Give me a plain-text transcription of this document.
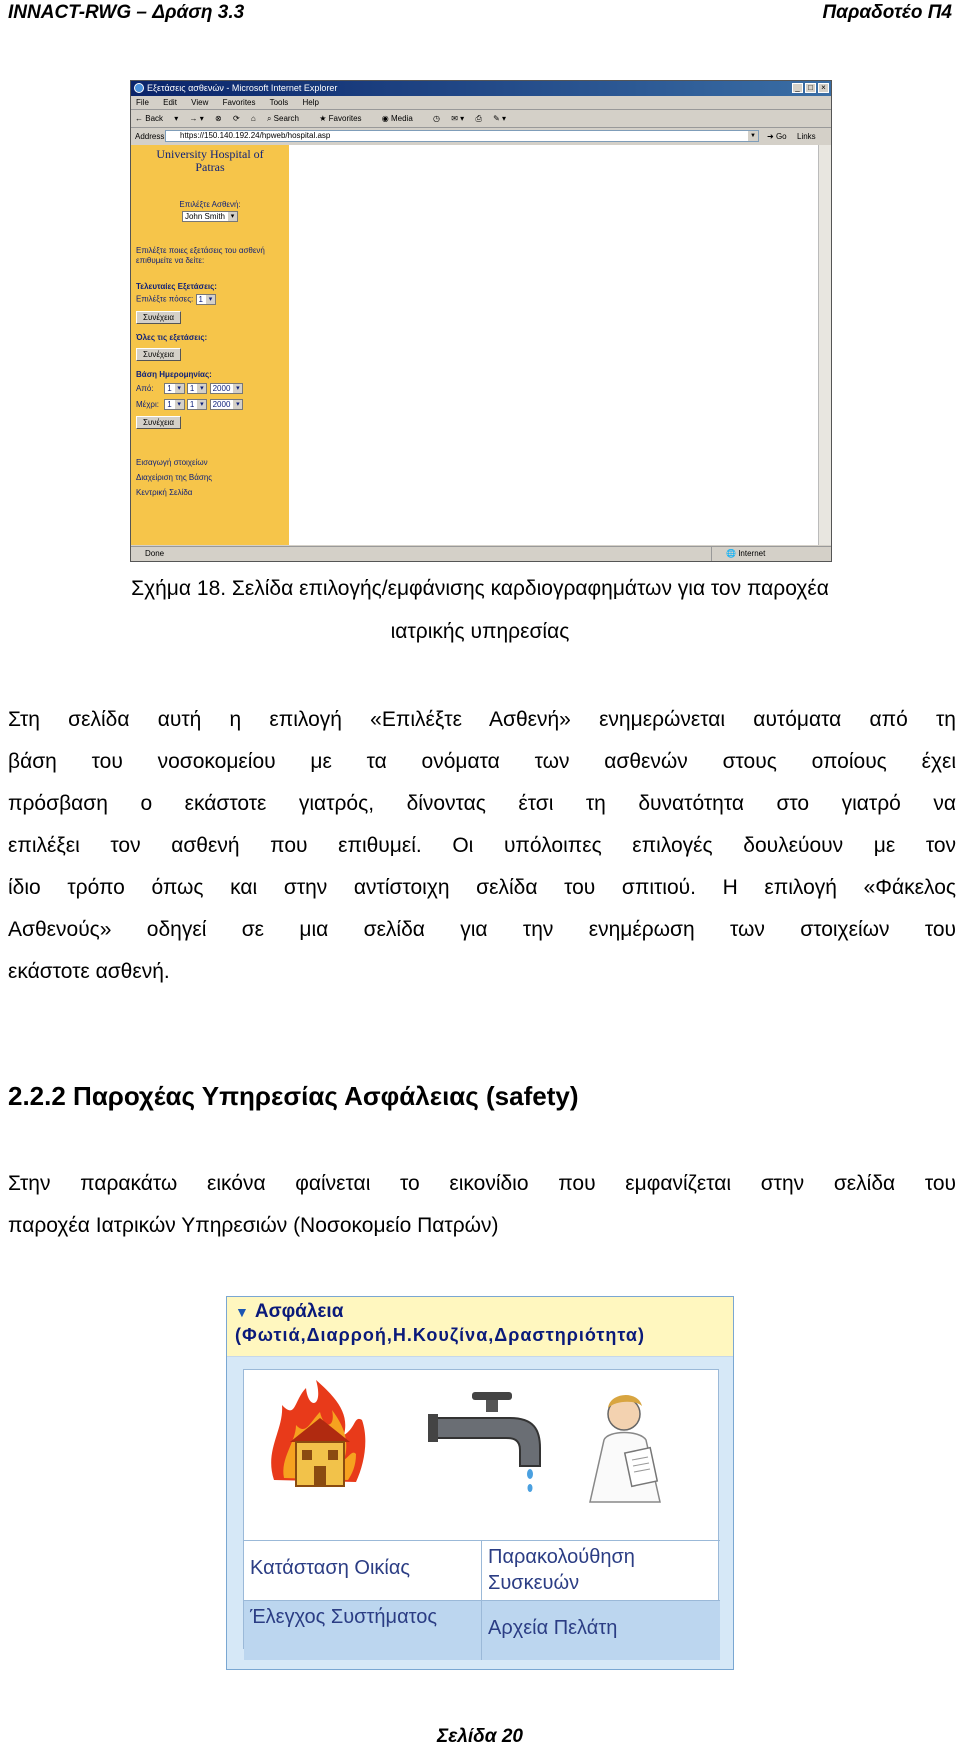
INNACT-RWG – Δράση 3.3	Παραδοτέο Π4
Εξετάσεις ασθενών - Microsoft Internet Explorer	_	□	×
File Edit View Favorites Tools Help
← Back ▾ → ▾ ⊗ ⟳ ⌂ ⌕ Search	★ Favorites	◉ Media	◷ ✉ ▾ ⎙ ✎ ▾
Address	https://150.140.192.24/hpweb/hospital.asp	▼ ➜ Go Links
University Hospital of
Patras
Επιλέξτε Ασθενή:
John Smith ▾
Επιλέξτε ποιες εξετάσεις του ασθενή
επιθυμείτε να δείτε:
Τελευταίες Εξετάσεις:
Επιλέξτε πόσες: 1 ▾
Συνέχεια
Όλες τις εξετάσεις:
Συνέχεια
Βάση Ημερομηνίας:
Από: 1 ▾ 1 ▾ 2000 ▾
Μέχρι: 1 ▾ 1 ▾ 2000 ▾
Συνέχεια
Εισαγωγή στοιχείων
Διαχείριση της Βάσης
Κεντρική Σελίδα
Done	🌐 Internet
Σχήμα 18. Σελίδα επιλογής/εμφάνισης καρδιογραφημάτων για τον παροχέα
ιατρικής υπηρεσίας
Στη σελίδα αυτή η επιλογή «Επιλέξτε Ασθενή» ενημερώνεται αυτόματα από τη
βάση του νοσοκομείου με τα ονόματα των ασθενών στους οποίους έχει
πρόσβαση ο εκάστοτε γιατρός, δίνοντας έτσι τη δυνατότητα στο γιατρό να
επιλέξει τον ασθενή που επιθυμεί. Οι υπόλοιπες επιλογές δουλεύουν με τον
ίδιο τρόπο όπως και στην αντίστοιχη σελίδα του σπιτιού. Η επιλογή «Φάκελος
Ασθενούς» οδηγεί σε μια σελίδα για την ενημέρωση των στοιχείων του
εκάστοτε ασθενή.
2.2.2 Παροχέας Υπηρεσίας Ασφάλειας (safety)
Στην παρακάτω εικόνα φαίνεται το εικονίδιο που εμφανίζεται στην σελίδα του
παροχέα Ιατρικών Υπηρεσιών (Νοσοκομείο Πατρών)
▼ Ασφάλεια
(Φωτιά,Διαρροή,Η.Κουζίνα,Δραστηριότητα)
Κατάσταση Οικίας	Παρακολούθηση Συσκευών
Έλεγχος Συστήματος	Αρχεία Πελάτη
Σελίδα 20
